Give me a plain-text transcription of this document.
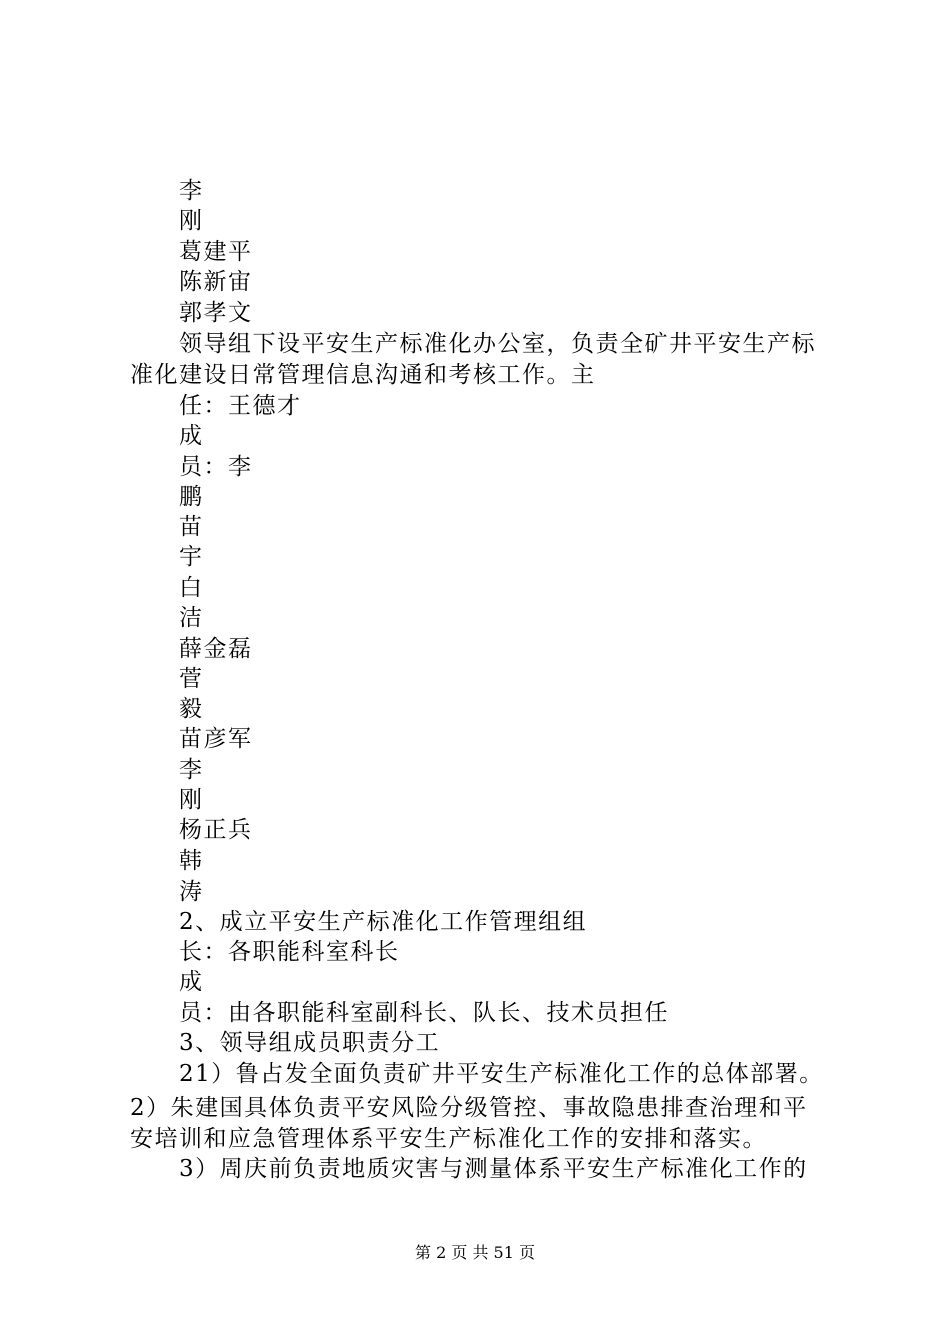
李
刚
葛建平
陈新宙
郭孝文
领导组下设平安生产标准化办公室，负责全矿井平安生产标
准化建设日常管理信息沟通和考核工作。主
任：王德才
成
员：李
鹏
苗
宇
白
洁
薛金磊
菅
毅
苗彦军
李
刚
杨正兵
韩
涛
2、成立平安生产标准化工作管理组组
长：各职能科室科长
成
员：由各职能科室副科长、队长、技术员担任
3、领导组成员职责分工
21）鲁占发全面负责矿井平安生产标准化工作的总体部署。
2）朱建国具体负责平安风险分级管控、事故隐患排查治理和平
安培训和应急管理体系平安生产标准化工作的安排和落实。
3）周庆前负责地质灾害与测量体系平安生产标准化工作的
第 2 页 共 51 页
